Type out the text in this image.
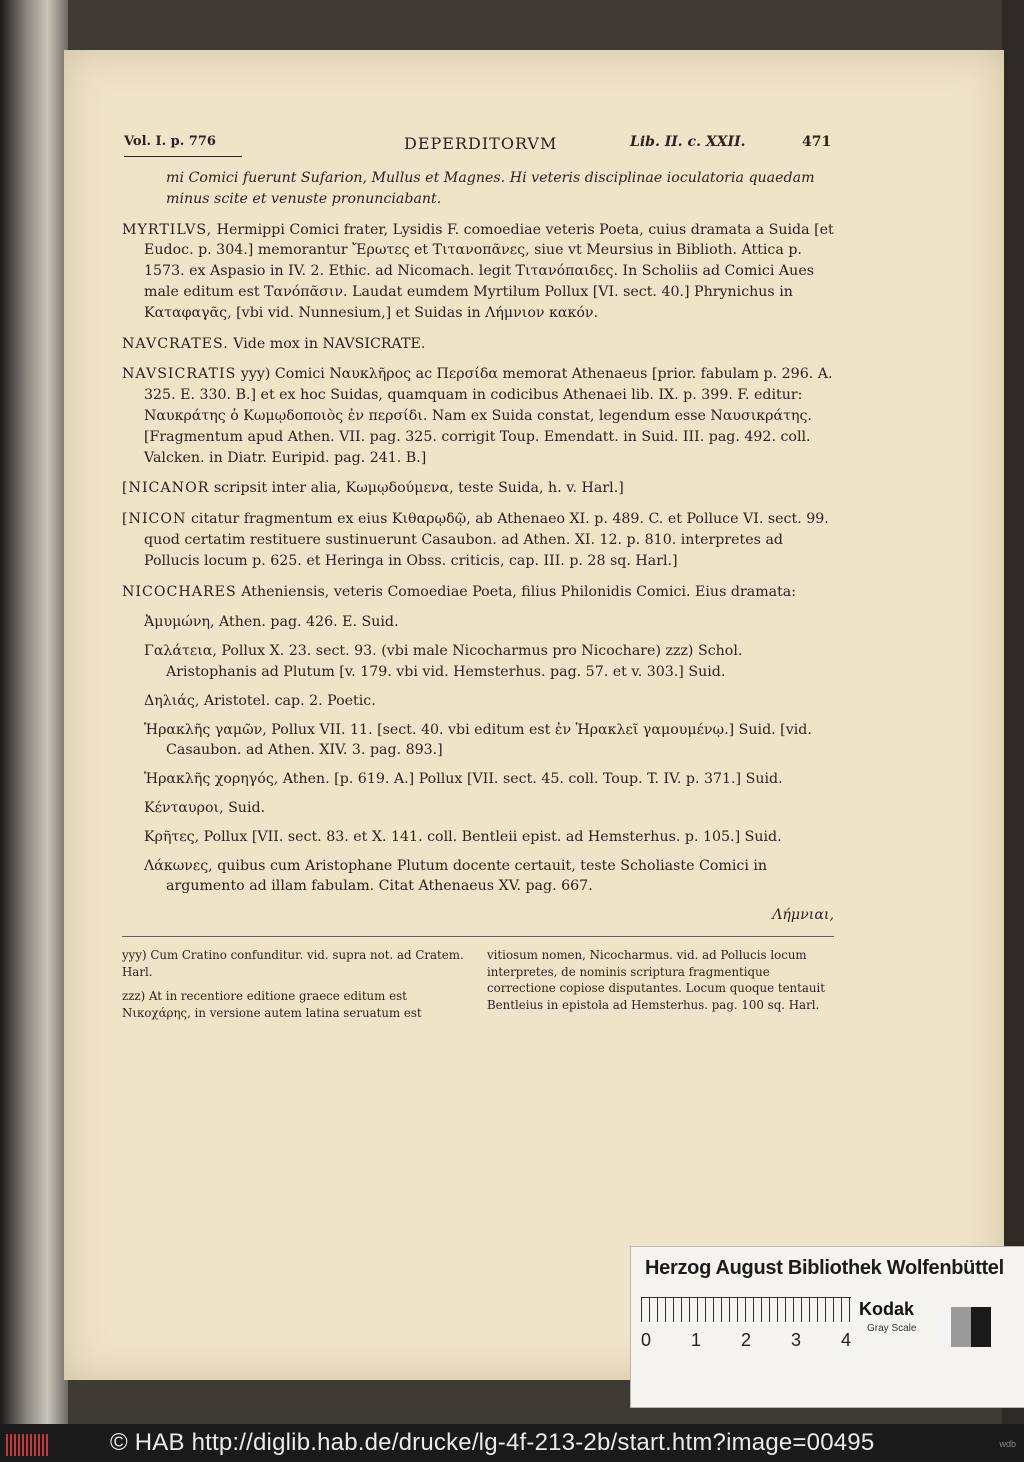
Vol. I. p. 776	DEPERDITORVM	Lib. II. c. XXII.	471

mi Comici fuerunt Sufarion, Mullus et Magnes. Hi veteris disciplinae ioculatoria quaedam minus scite et venuste pronunciabant.

MYRTILVS, Hermippi Comici frater, Lysidis F. comoediae veteris Poeta, cuius dramata a Suida [et Eudoc. p. 304.] memorantur Ἔρωτες et Τιτανοπᾶνες, siue vt Meursius in Biblioth. Attica p. 1573. ex Aspasio in IV. 2. Ethic. ad Nicomach. legit Τιτανόπαιδες. In Scholiis ad Comici Aues male editum est Τανόπᾶσιν. Laudat eumdem Myrtilum Pollux [VI. sect. 40.] Phrynichus in Καταφαγᾶς, [vbi vid. Nunnesium,] et Suidas in Λήμνιον κακόν.

NAVCRATES. Vide mox in NAVSICRATE.

NAVSICRATIS yyy) Comici Ναυκλῆρος ac Περσίδα memorat Athenaeus [prior. fabulam p. 296. A. 325. E. 330. B.] et ex hoc Suidas, quamquam in codicibus Athenaei lib. IX. p. 399. F. editur: Ναυκράτης ὁ Κωμῳδοποιὸς ἐν περσίδι. Nam ex Suida constat, legendum esse Ναυσικράτης. [Fragmentum apud Athen. VII. pag. 325. corrigit Toup. Emendatt. in Suid. III. pag. 492. coll. Valcken. in Diatr. Euripid. pag. 241. B.]

[NICANOR scripsit inter alia, Κωμῳδούμενα, teste Suida, h. v. Harl.]

[NICON citatur fragmentum ex eius Κιθαρῳδῷ, ab Athenaeo XI. p. 489. C. et Polluce VI. sect. 99. quod certatim restituere sustinuerunt Casaubon. ad Athen. XI. 12. p. 810. interpretes ad Pollucis locum p. 625. et Heringa in Obss. criticis, cap. III. p. 28 sq. Harl.]

NICOCHARES Atheniensis, veteris Comoediae Poeta, filius Philonidis Comici. Eius dramata:

Ἀμυμώνη, Athen. pag. 426. E. Suid.

Γαλάτεια, Pollux X. 23. sect. 93. (vbi male Nicocharmus pro Nicochare) zzz) Schol. Aristophanis ad Plutum [v. 179. vbi vid. Hemsterhus. pag. 57. et v. 303.] Suid.

Δηλιάς, Aristotel. cap. 2. Poetic.

Ἡρακλῆς γαμῶν, Pollux VII. 11. [sect. 40. vbi editum est ἐν Ἡρακλεῖ γαμουμένῳ.] Suid. [vid. Casaubon. ad Athen. XIV. 3. pag. 893.]

Ἡρακλῆς χορηγός, Athen. [p. 619. A.] Pollux [VII. sect. 45. coll. Toup. T. IV. p. 371.] Suid.

Κένταυροι, Suid.

Κρῆτες, Pollux [VII. sect. 83. et X. 141. coll. Bentleii epist. ad Hemsterhus. p. 105.] Suid.

Λάκωνες, quibus cum Aristophane Plutum docente certauit, teste Scholiaste Comici in argumento ad illam fabulam. Citat Athenaeus XV. pag. 667.

Λήμνιαι,

yyy) Cum Cratino confunditur. vid. supra not. ad Cratem. Harl.

zzz) At in recentiore editione graece editum est Νικοχάρης, in versione autem latina seruatum est

vitiosum nomen, Nicocharmus. vid. ad Pollucis locum interpretes, de nominis scriptura fragmentique correctione copiose disputantes. Locum quoque tentauit Bentleius in epistola ad Hemsterhus. pag. 100 sq. Harl.

Herzog August Bibliothek Wolfenbüttel
0 1 2 3 4
Kodak
Gray Scale
© HAB http://diglib.hab.de/drucke/lg-4f-213-2b/start.htm?image=00495	wdb
